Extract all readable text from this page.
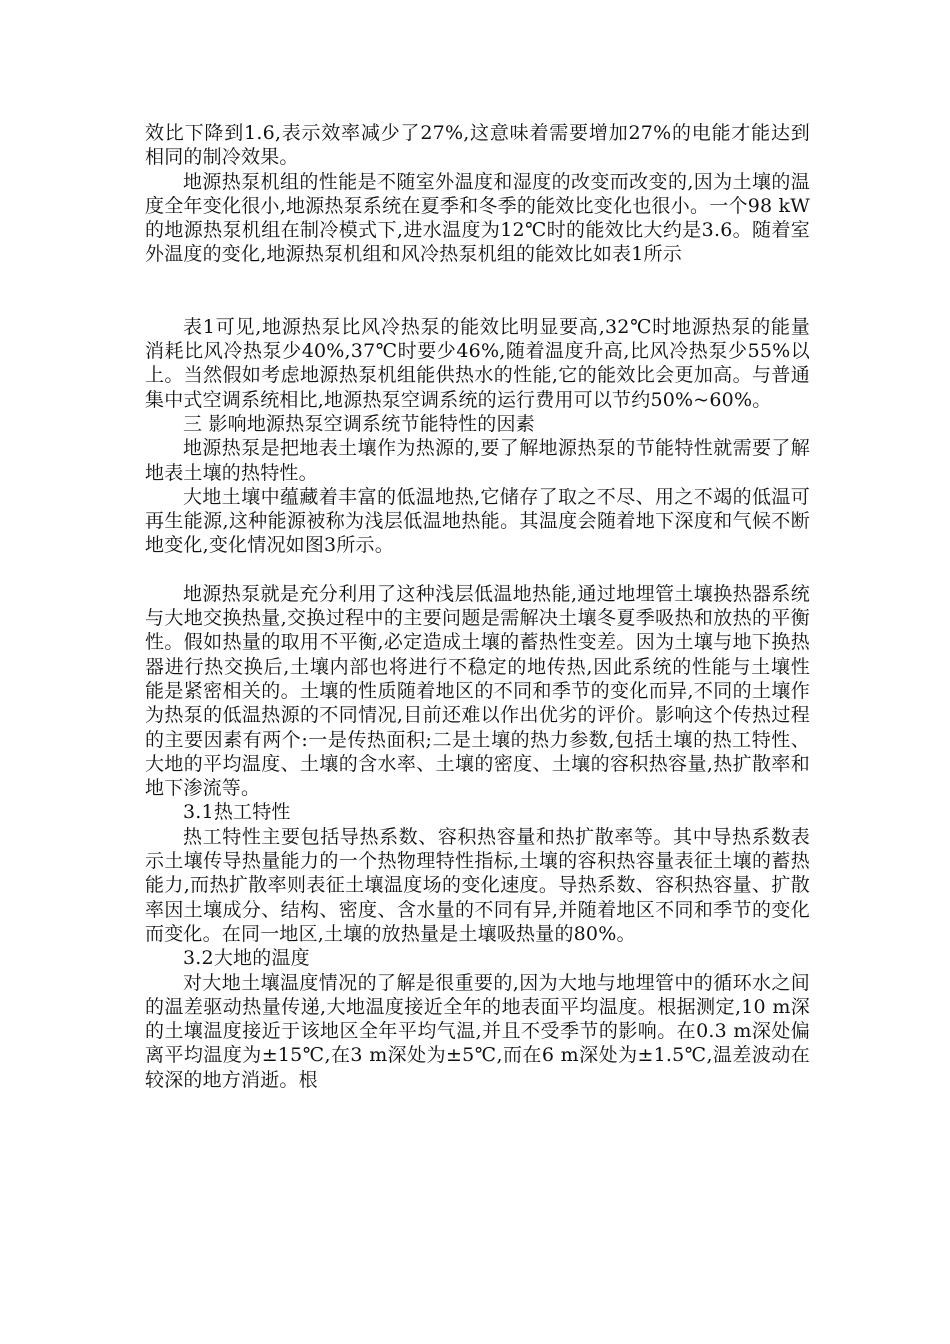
效比下降到1.6,表示效率减少了27%,这意味着需要增加27%的电能才能达到相同的制冷效果。

地源热泵机组的性能是不随室外温度和湿度的改变而改变的,因为土壤的温度全年变化很小,地源热泵系统在夏季和冬季的能效比变化也很小。一个98 kW的地源热泵机组在制冷模式下,进水温度为12℃时的能效比大约是3.6。随着室外温度的变化,地源热泵机组和风冷热泵机组的能效比如表1所示

表1可见,地源热泵比风冷热泵的能效比明显要高,32℃时地源热泵的能量消耗比风冷热泵少40%,37℃时要少46%,随着温度升高,比风冷热泵少55%以上。当然假如考虑地源热泵机组能供热水的性能,它的能效比会更加高。与普通集中式空调系统相比,地源热泵空调系统的运行费用可以节约50%~60%。

三 影响地源热泵空调系统节能特性的因素

地源热泵是把地表土壤作为热源的,要了解地源热泵的节能特性就需要了解地表土壤的热特性。

大地土壤中蕴藏着丰富的低温地热,它储存了取之不尽、用之不竭的低温可再生能源,这种能源被称为浅层低温地热能。其温度会随着地下深度和气候不断地变化,变化情况如图3所示。

地源热泵就是充分利用了这种浅层低温地热能,通过地埋管土壤换热器系统与大地交换热量,交换过程中的主要问题是需解决土壤冬夏季吸热和放热的平衡性。假如热量的取用不平衡,必定造成土壤的蓄热性变差。因为土壤与地下换热器进行热交换后,土壤内部也将进行不稳定的地传热,因此系统的性能与土壤性能是紧密相关的。土壤的性质随着地区的不同和季节的变化而异,不同的土壤作为热泵的低温热源的不同情况,目前还难以作出优劣的评价。影响这个传热过程的主要因素有两个:一是传热面积;二是土壤的热力参数,包括土壤的热工特性、大地的平均温度、土壤的含水率、土壤的密度、土壤的容积热容量,热扩散率和地下渗流等。

3.1热工特性

热工特性主要包括导热系数、容积热容量和热扩散率等。其中导热系数表示土壤传导热量能力的一个热物理特性指标,土壤的容积热容量表征土壤的蓄热能力,而热扩散率则表征土壤温度场的变化速度。导热系数、容积热容量、扩散率因土壤成分、结构、密度、含水量的不同有异,并随着地区不同和季节的变化而变化。在同一地区,土壤的放热量是土壤吸热量的80%。

3.2大地的温度

对大地土壤温度情况的了解是很重要的,因为大地与地埋管中的循环水之间的温差驱动热量传递,大地温度接近全年的地表面平均温度。根据测定,10 m深的土壤温度接近于该地区全年平均气温,并且不受季节的影响。在0.3 m深处偏离平均温度为±15℃,在3 m深处为±5℃,而在6 m深处为±1.5℃,温差波动在较深的地方消逝。根
